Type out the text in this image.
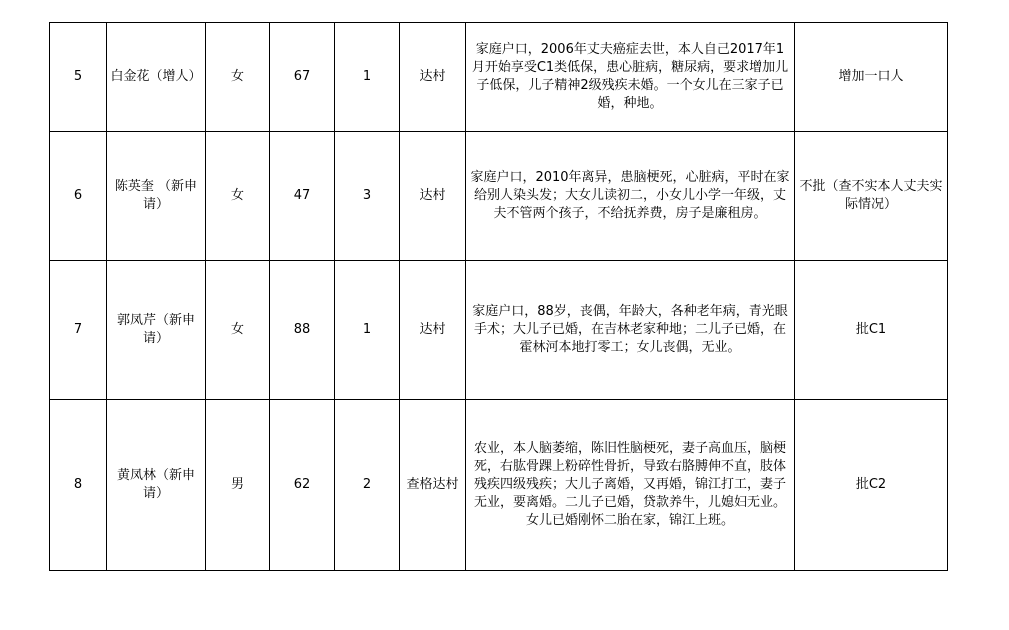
5	白金花（增人）	女	67	1	达村	家庭户口，2006年丈夫癌症去世，本人自己2017年1月开始享受C1类低保，患心脏病，糖尿病，要求增加儿子低保，儿子精神2级残疾未婚。一个女儿在三家子已婚，种地。	增加一口人
6	陈英奎 （新申请）	女	47	3	达村	家庭户口，2010年离异，患脑梗死，心脏病，平时在家给别人染头发；大女儿读初二，小女儿小学一年级，丈夫不管两个孩子，不给抚养费，房子是廉租房。	不批（查不实本人丈夫实际情况）
7	郭凤芹（新申请）	女	88	1	达村	家庭户口，88岁，丧偶，年龄大，各种老年病，青光眼手术；大儿子已婚，在吉林老家种地；二儿子已婚，在霍林河本地打零工；女儿丧偶，无业。	批C1
8	黄凤林（新申请）	男	62	2	查格达村	农业，本人脑萎缩，陈旧性脑梗死，妻子高血压，脑梗死，右肱骨踝上粉碎性骨折，导致右胳膊伸不直，肢体残疾四级残疾；大儿子离婚，又再婚，锦江打工，妻子无业，要离婚。二儿子已婚，贷款养牛，儿媳妇无业。女儿已婚刚怀二胎在家，锦江上班。	批C2
